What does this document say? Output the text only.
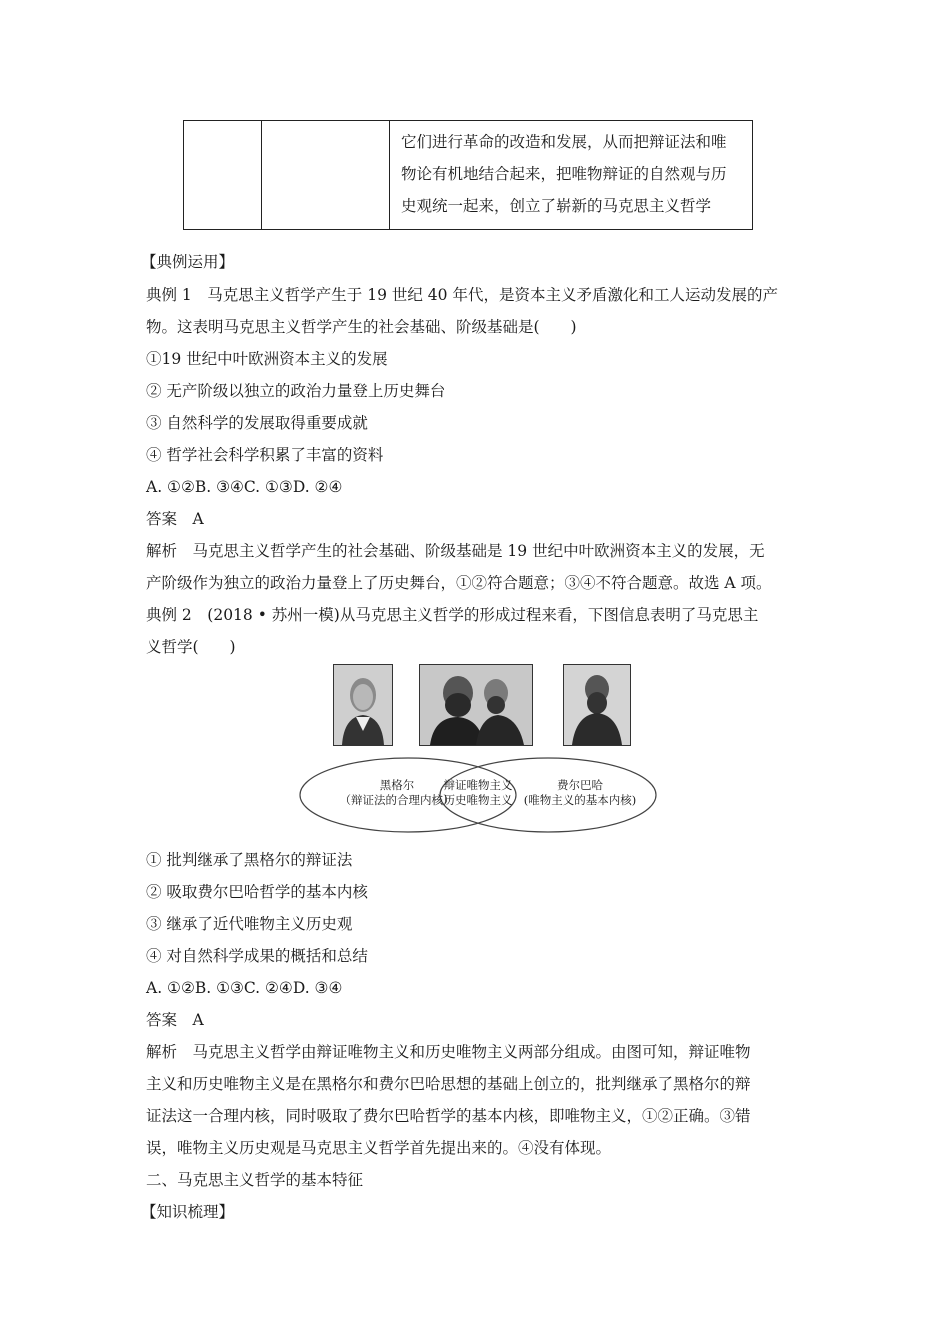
它们进行革命的改造和发展，从而把辩证法和唯
物论有机地结合起来，把唯物辩证的自然观与历
史观统一起来，创立了崭新的马克思主义哲学
【典例运用】
典例 1　马克思主义哲学产生于 19 世纪 40 年代，是资本主义矛盾激化和工人运动发展的产
物。这表明马克思主义哲学产生的社会基础、阶级基础是(　　)
①19 世纪中叶欧洲资本主义的发展
② 无产阶级以独立的政治力量登上历史舞台
③ 自然科学的发展取得重要成就
④ 哲学社会科学积累了丰富的资料
A. ①②B. ③④C. ①③D. ②④
答案　A
解析　马克思主义哲学产生的社会基础、阶级基础是 19 世纪中叶欧洲资本主义的发展，无
产阶级作为独立的政治力量登上了历史舞台，①②符合题意；③④不符合题意。故选 A 项。
典例 2　(2018 • 苏州一模)从马克思主义哲学的形成过程来看，下图信息表明了马克思主
义哲学(　　)
黑格尔
（辩证法的合理内核）
辩证唯物主义
历史唯物主义
费尔巴哈
(唯物主义的基本内核)
① 批判继承了黑格尔的辩证法
② 吸取费尔巴哈哲学的基本内核
③ 继承了近代唯物主义历史观
④ 对自然科学成果的概括和总结
A. ①②B. ①③C. ②④D. ③④
答案　A
解析　马克思主义哲学由辩证唯物主义和历史唯物主义两部分组成。由图可知，辩证唯物
主义和历史唯物主义是在黑格尔和费尔巴哈思想的基础上创立的，批判继承了黑格尔的辩
证法这一合理内核，同时吸取了费尔巴哈哲学的基本内核，即唯物主义，①②正确。③错
误，唯物主义历史观是马克思主义哲学首先提出来的。④没有体现。
二、马克思主义哲学的基本特征
【知识梳理】
